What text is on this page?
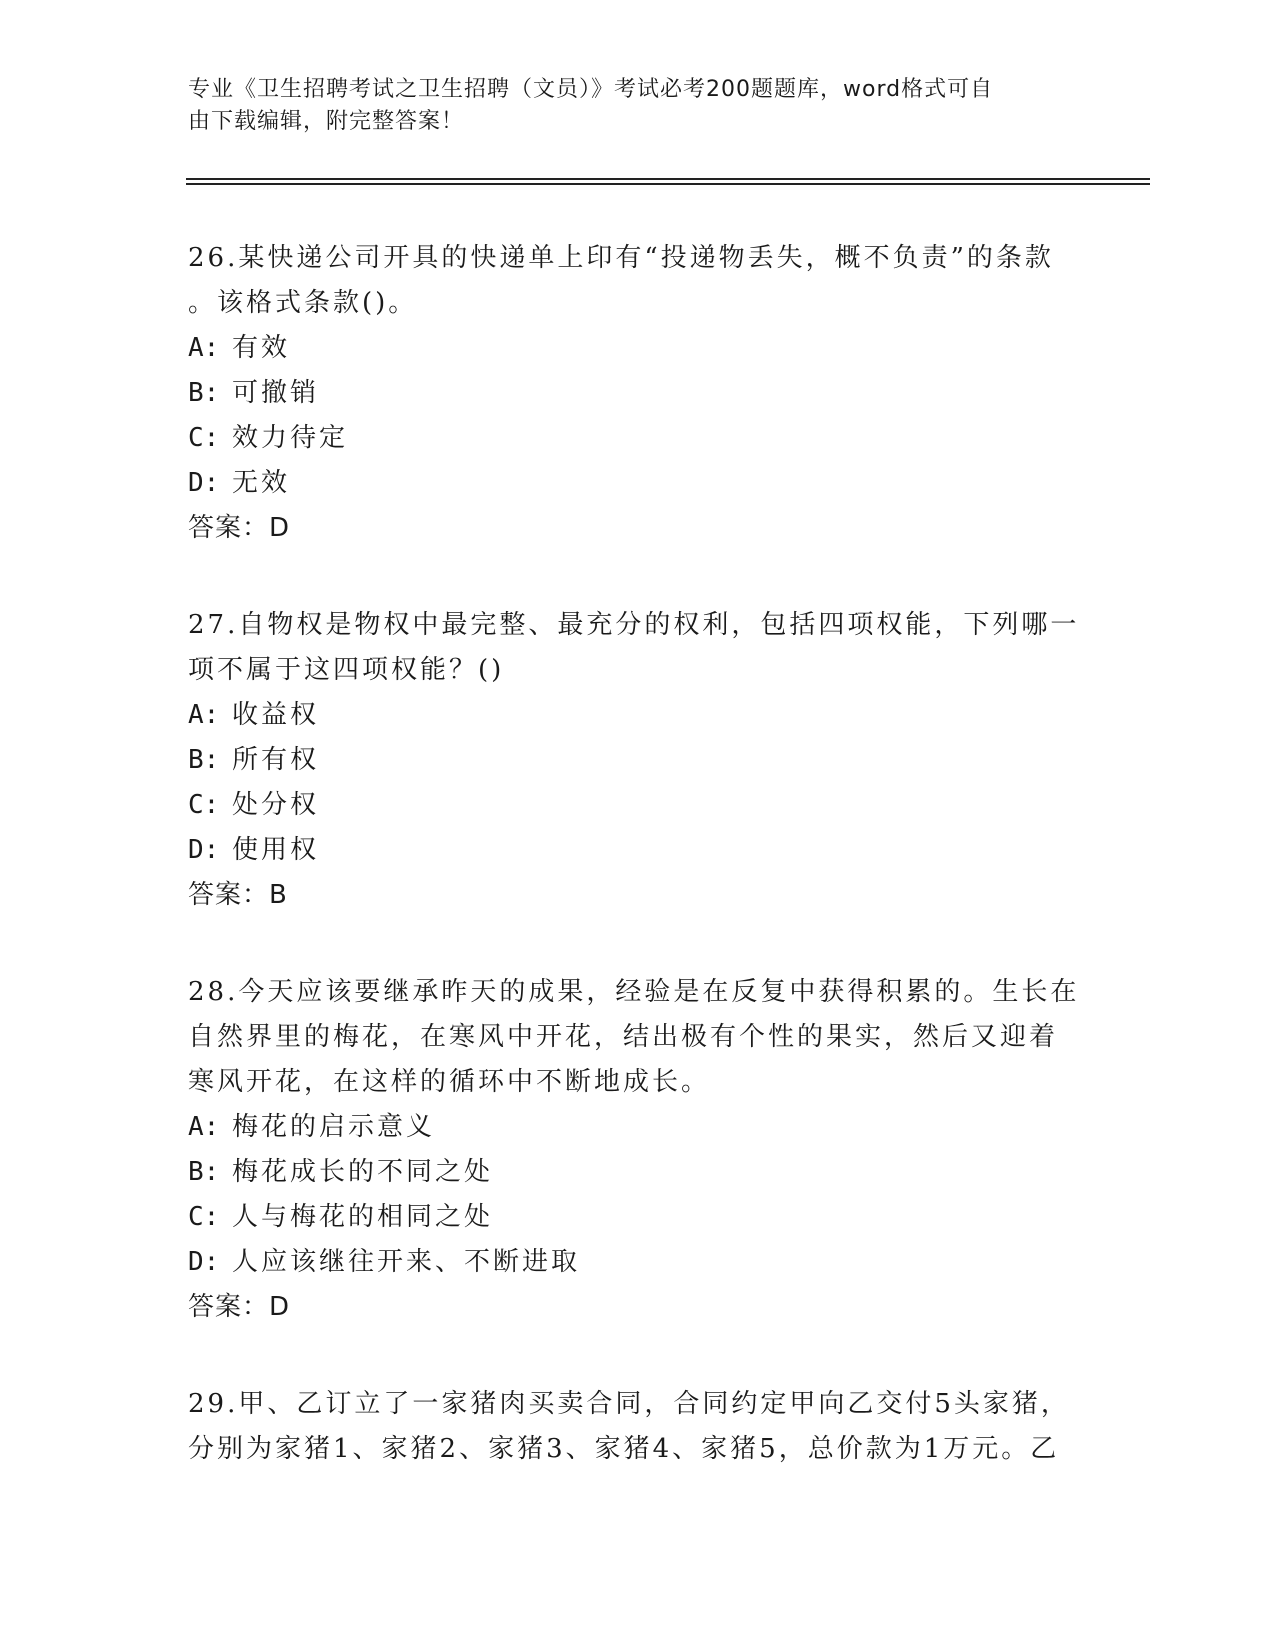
专业《卫生招聘考试之卫生招聘（文员）》考试必考200题题库，word格式可自
由下载编辑，附完整答案！
26.某快递公司开具的快递单上印有“投递物丢失，概不负责”的条款
。该格式条款()。
A: 有效
B: 可撤销
C: 效力待定
D: 无效
答案：D
27.自物权是物权中最完整、最充分的权利，包括四项权能，下列哪一
项不属于这四项权能？()
A: 收益权
B: 所有权
C: 处分权
D: 使用权
答案：B
28.今天应该要继承昨天的成果，经验是在反复中获得积累的。生长在
自然界里的梅花，在寒风中开花，结出极有个性的果实，然后又迎着
寒风开花，在这样的循环中不断地成长。
A: 梅花的启示意义
B: 梅花成长的不同之处
C: 人与梅花的相同之处
D: 人应该继往开来、不断进取
答案：D
29.甲、乙订立了一家猪肉买卖合同，合同约定甲向乙交付5头家猪，
分别为家猪1、家猪2、家猪3、家猪4、家猪5，总价款为1万元。乙
